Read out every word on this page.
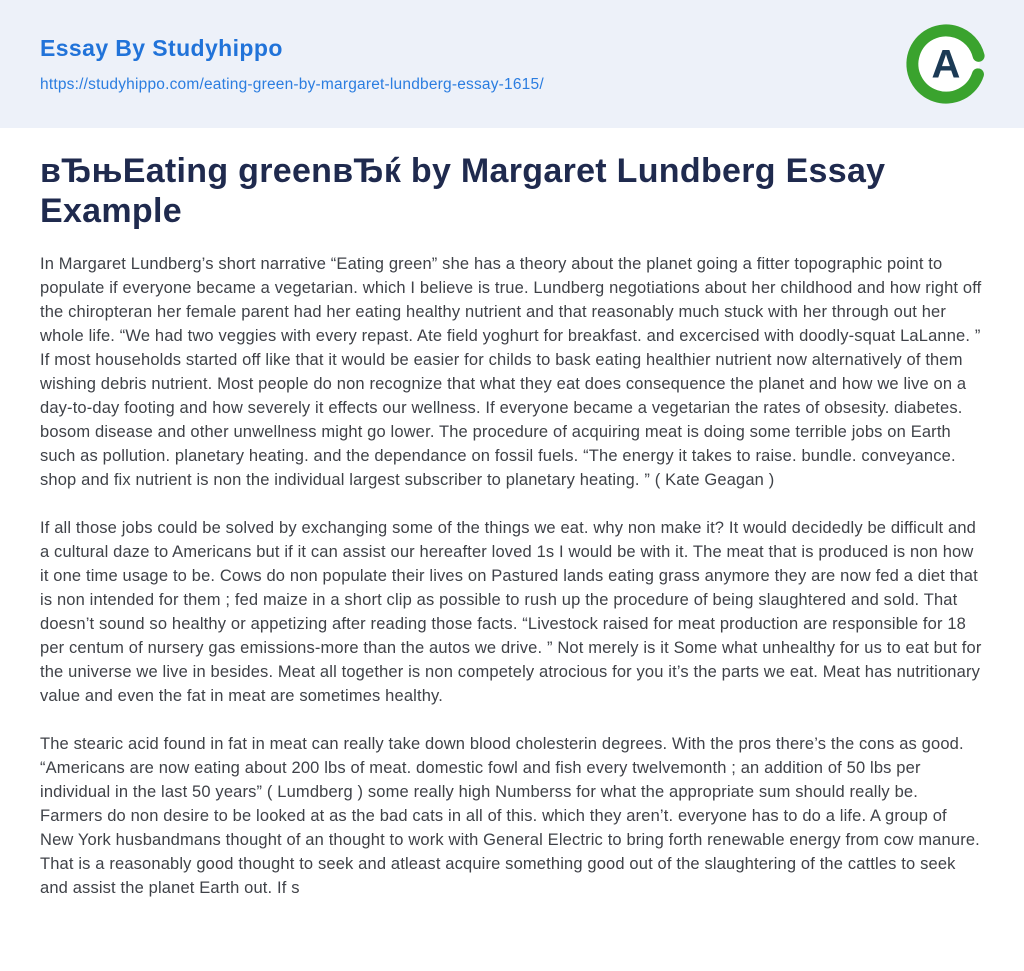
Essay By Studyhippo
https://studyhippo.com/eating-green-by-margaret-lundberg-essay-1615/	A
вЂњEating greenвЂќ by Margaret Lundberg Essay Example

In Margaret Lundberg’s short narrative “Eating green” she has a theory about the planet going a fitter topographic point to populate if everyone became a vegetarian. which I believe is true. Lundberg negotiations about her childhood and how right off the chiropteran her female parent had her eating healthy nutrient and that reasonably much stuck with her through out her whole life. “We had two veggies with every repast. Ate field yoghurt for breakfast. and excercised with doodly-squat LaLanne. ” If most households started off like that it would be easier for childs to bask eating healthier nutrient now alternatively of them wishing debris nutrient. Most people do non recognize that what they eat does consequence the planet and how we live on a day-to-day footing and how severely it effects our wellness. If everyone became a vegetarian the rates of obsesity. diabetes. bosom disease and other unwellness might go lower. The procedure of acquiring meat is doing some terrible jobs on Earth such as pollution. planetary heating. and the dependance on fossil fuels. “The energy it takes to raise. bundle. conveyance. shop and fix nutrient is non the individual largest subscriber to planetary heating. ” ( Kate Geagan )

If all those jobs could be solved by exchanging some of the things we eat. why non make it? It would decidedly be difficult and a cultural daze to Americans but if it can assist our hereafter loved 1s I would be with it. The meat that is produced is non how it one time usage to be. Cows do non populate their lives on Pastured lands eating grass anymore they are now fed a diet that is non intended for them ; fed maize in a short clip as possible to rush up the procedure of being slaughtered and sold. That doesn’t sound so healthy or appetizing after reading those facts. “Livestock raised for meat production are responsible for 18 per centum of nursery gas emissions-more than the autos we drive. ” Not merely is it Some what unhealthy for us to eat but for the universe we live in besides. Meat all together is non competely atrocious for you it’s the parts we eat. Meat has nutritionary value and even the fat in meat are sometimes healthy.

The stearic acid found in fat in meat can really take down blood cholesterin degrees. With the pros there’s the cons as good. “Americans are now eating about 200 lbs of meat. domestic fowl and fish every twelvemonth ; an addition of 50 lbs per individual in the last 50 years” ( Lumdberg ) some really high Numberss for what the appropriate sum should really be. Farmers do non desire to be looked at as the bad cats in all of this. which they aren’t. everyone has to do a life. A group of New York husbandmans thought of an thought to work with General Electric to bring forth renewable energy from cow manure. That is a reasonably good thought to seek and atleast acquire something good out of the slaughtering of the cattles to seek and assist the planet Earth out. If s
